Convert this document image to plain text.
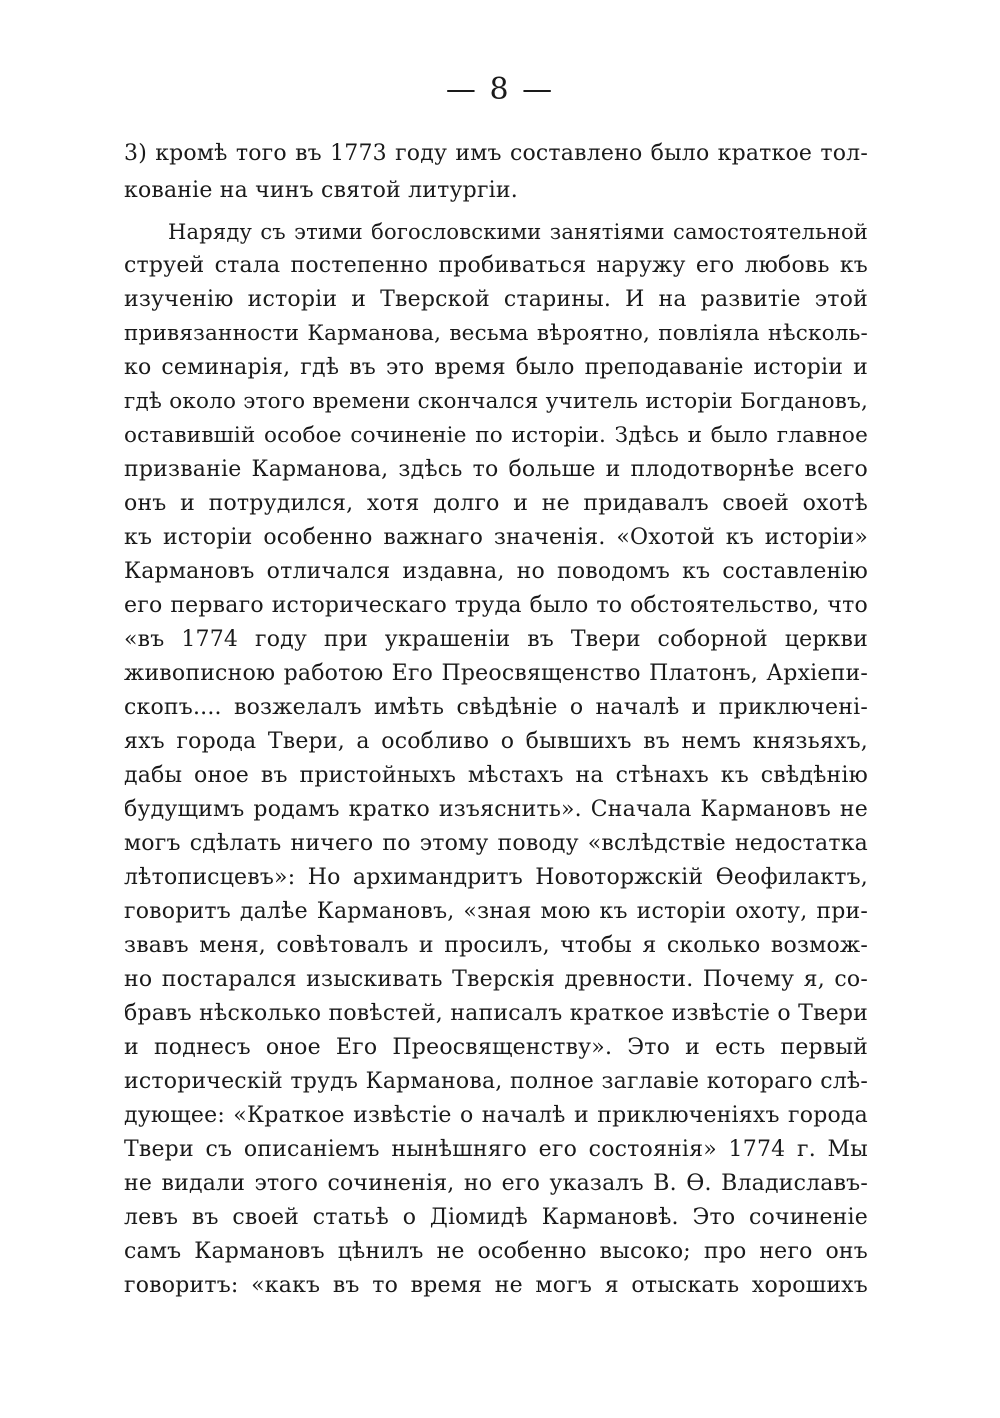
— 8 —
3) кромѣ того въ 1773 году имъ составлено было краткое тол-
кованіе на чинъ святой литургіи.
Наряду съ этими богословскими занятіями самостоятельной
струей стала постепенно пробиваться наружу его любовь къ
изученію исторіи и Тверской старины. И на развитіе этой
привязанности Карманова, весьма вѣроятно, повліяла нѣсколь-
ко семинарія, гдѣ въ это время было преподаваніе исторіи и
гдѣ около этого времени скончался учитель исторіи Богдановъ,
оставившій особое сочиненіе по исторіи. Здѣсь и было главное
призваніе Карманова, здѣсь то больше и плодотворнѣе всего
онъ и потрудился, хотя долго и не придавалъ своей охотѣ
къ исторіи особенно важнаго значенія. «Охотой къ исторіи»
Кармановъ отличался издавна, но поводомъ къ составленію
его перваго историческаго труда было то обстоятельство, что
«въ 1774 году при украшеніи въ Твери соборной церкви
живописною работою Его Преосвященство Платонъ, Архіепи-
скопъ.... возжелалъ имѣть свѣдѣніе о началѣ и приключені-
яхъ города Твери, а особливо о бывшихъ въ немъ князьяхъ,
дабы оное въ пристойныхъ мѣстахъ на стѣнахъ къ свѣдѣнію
будущимъ родамъ кратко изъяснить». Сначала Кармановъ не
могъ сдѣлать ничего по этому поводу «вслѣдствіе недостатка
лѣтописцевъ»: Но архимандритъ Новоторжскій Ѳеофилактъ,
говоритъ далѣе Кармановъ, «зная мою къ исторіи охоту, при-
звавъ меня, совѣтовалъ и просилъ, чтобы я сколько возмож-
но постарался изыскивать Тверскія древности. Почему я, со-
бравъ нѣсколько повѣстей, написалъ краткое извѣстіе о Твери
и поднесъ оное Его Преосвященству». Это и есть первый
историческій трудъ Карманова, полное заглавіе котораго слѣ-
дующее: «Краткое извѣстіе о началѣ и приключеніяхъ города
Твери съ описаніемъ нынѣшняго его состоянія» 1774 г. Мы
не видали этого сочиненія, но его указалъ В. Ѳ. Владиславъ-
левъ въ своей статьѣ о Діомидѣ Кармановѣ. Это сочиненіе
самъ Кармановъ цѣнилъ не особенно высоко; про него онъ
говоритъ: «какъ въ то время не могъ я отыскать хорошихъ
